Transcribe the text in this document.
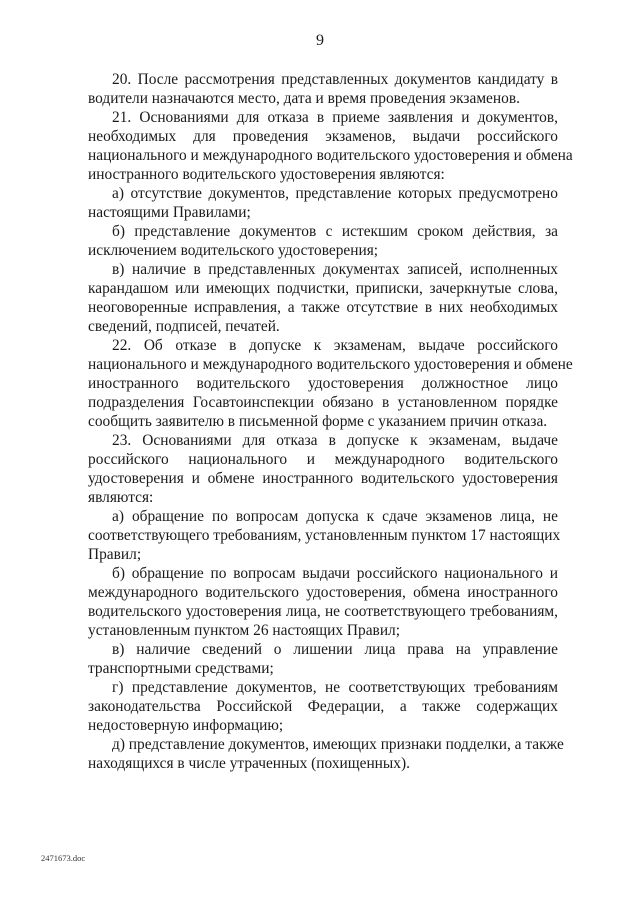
9
20. После рассмотрения представленных документов кандидату в
водители назначаются место, дата и время проведения экзаменов.
21. Основаниями для отказа в приеме заявления и документов,
необходимых для проведения экзаменов, выдачи российского
национального и международного водительского удостоверения и обмена
иностранного водительского удостоверения являются:
а) отсутствие документов, представление которых предусмотрено
настоящими Правилами;
б) представление документов с истекшим сроком действия, за
исключением водительского удостоверения;
в) наличие в представленных документах записей, исполненных
карандашом или имеющих подчистки, приписки, зачеркнутые слова,
неоговоренные исправления, а также отсутствие в них необходимых
сведений, подписей, печатей.
22. Об отказе в допуске к экзаменам, выдаче российского
национального и международного водительского удостоверения и обмене
иностранного водительского удостоверения должностное лицо
подразделения Госавтоинспекции обязано в установленном порядке
сообщить заявителю в письменной форме с указанием причин отказа.
23. Основаниями для отказа в допуске к экзаменам, выдаче
российского национального и международного водительского
удостоверения и обмене иностранного водительского удостоверения
являются:
а) обращение по вопросам допуска к сдаче экзаменов лица, не
соответствующего требованиям, установленным пунктом 17 настоящих
Правил;
б) обращение по вопросам выдачи российского национального и
международного водительского удостоверения, обмена иностранного
водительского удостоверения лица, не соответствующего требованиям,
установленным пунктом 26 настоящих Правил;
в) наличие сведений о лишении лица права на управление
транспортными средствами;
г) представление документов, не соответствующих требованиям
законодательства Российской Федерации, а также содержащих
недостоверную информацию;
д) представление документов, имеющих признаки подделки, а также
находящихся в числе утраченных (похищенных).
2471673.doc
